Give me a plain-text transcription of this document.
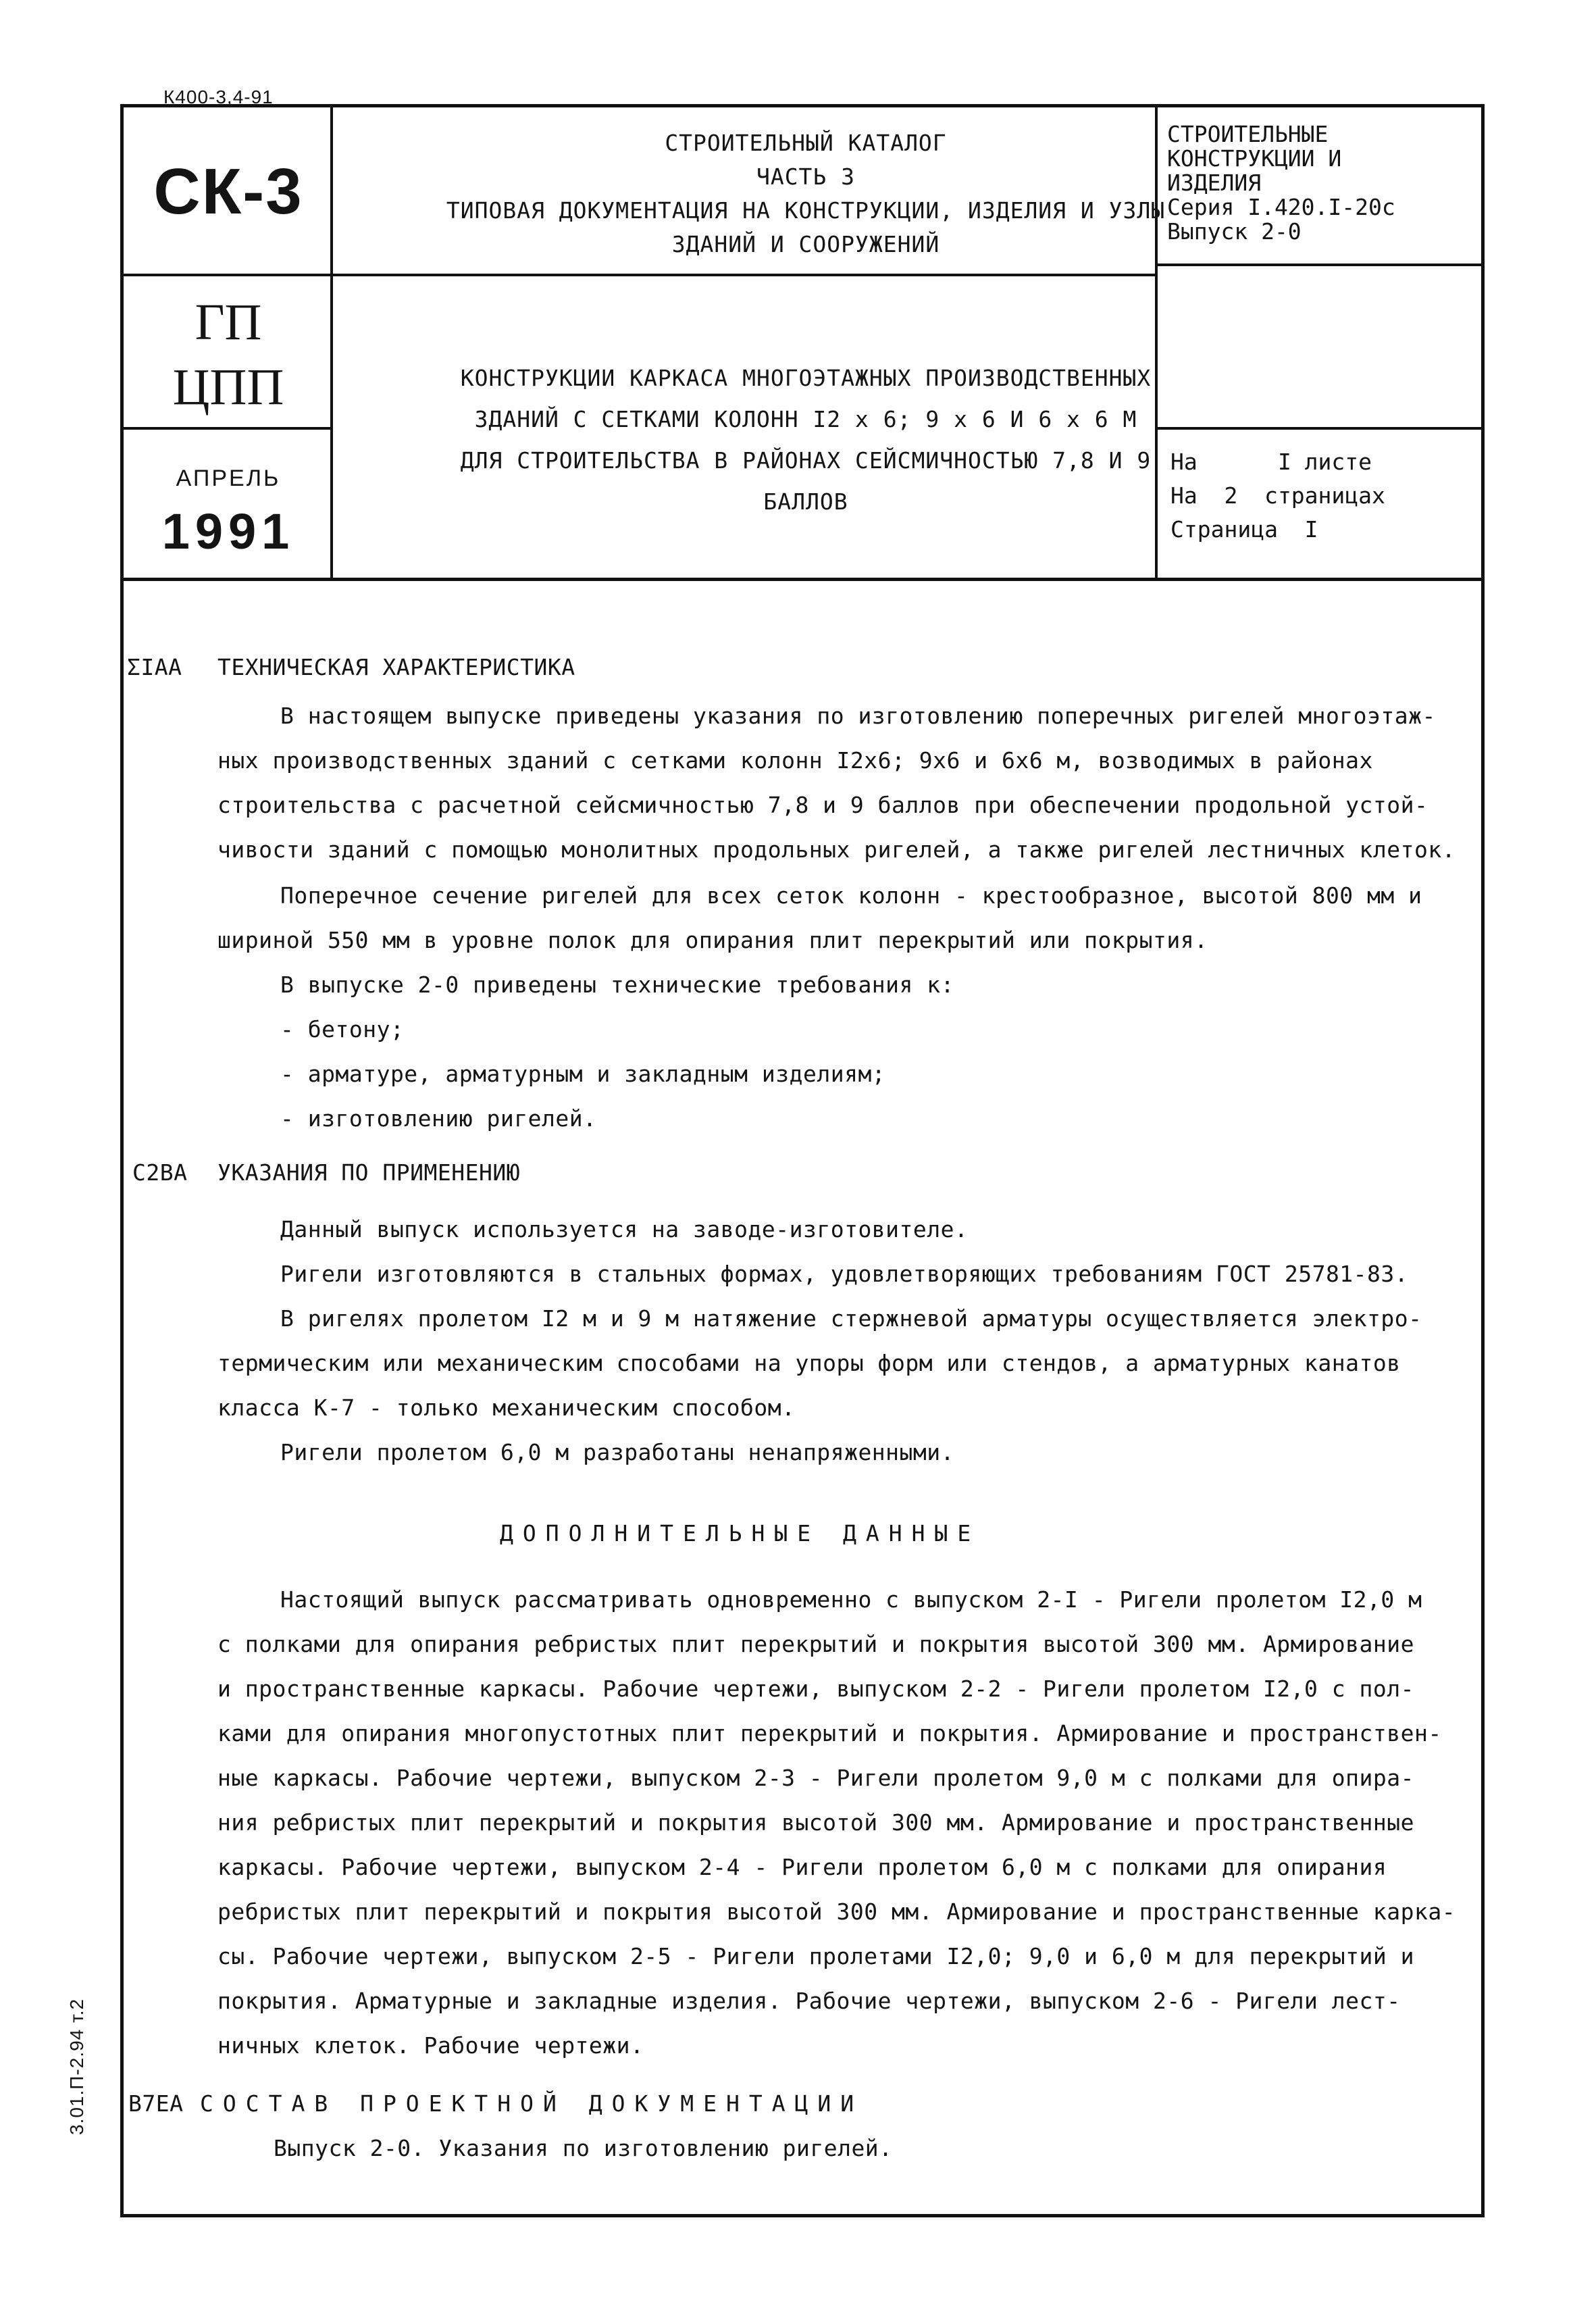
К400-3,4-91
СК-3
ГП
ЦПП
АПРЕЛЬ
1991
СТРОИТЕЛЬНЫЙ КАТАЛОГ
ЧАСТЬ 3
ТИПОВАЯ ДОКУМЕНТАЦИЯ НА КОНСТРУКЦИИ, ИЗДЕЛИЯ И УЗЛЫ
ЗДАНИЙ И СООРУЖЕНИЙ
СТРОИТЕЛЬНЫЕ
КОНСТРУКЦИИ И
ИЗДЕЛИЯ
Серия I.420.I-20с
Выпуск 2-0
КОНСТРУКЦИИ КАРКАСА МНОГОЭТАЖНЫХ ПРОИЗВОДСТВЕННЫХ
ЗДАНИЙ С СЕТКАМИ КОЛОНН I2 x 6; 9 x 6 И 6 x 6 М
ДЛЯ СТРОИТЕЛЬСТВА В РАЙОНАХ СЕЙСМИЧНОСТЬЮ 7,8 И 9
БАЛЛОВ
На      I листе
На  2  страницах
Страница  I
ΣIАА ТЕХНИЧЕСКАЯ ХАРАКТЕРИСТИКА
В настоящем выпуске приведены указания по изготовлению поперечных ригелей многоэтаж-
ных производственных зданий с сетками колонн I2х6; 9х6 и 6х6 м, возводимых в районах
строительства с расчетной сейсмичностью 7,8 и 9 баллов при обеспечении продольной устой-
чивости зданий с помощью монолитных продольных ригелей, а также ригелей лестничных клеток.
Поперечное сечение ригелей для всех сеток колонн - крестообразное, высотой 800 мм и
шириной 550 мм в уровне полок для опирания плит перекрытий или покрытия.
В выпуске 2-0 приведены технические требования к:
- бетону;
- арматуре, арматурным и закладным изделиям;
- изготовлению ригелей.
С2ВА УКАЗАНИЯ ПО ПРИМЕНЕНИЮ
Данный выпуск используется на заводе-изготовителе.
Ригели изготовляются в стальных формах, удовлетворяющих требованиям ГОСТ 25781-83.
В ригелях пролетом I2 м и 9 м натяжение стержневой арматуры осуществляется электро-
термическим или механическим способами на упоры форм или стендов, а арматурных канатов
класса К-7 - только механическим способом.
Ригели пролетом 6,0 м разработаны ненапряженными.
ДОПОЛНИТЕЛЬНЫЕ ДАННЫЕ
Настоящий выпуск рассматривать одновременно с выпуском 2-I - Ригели пролетом I2,0 м
с полками для опирания ребристых плит перекрытий и покрытия высотой 300 мм. Армирование
и пространственные каркасы. Рабочие чертежи, выпуском 2-2 - Ригели пролетом I2,0 с пол-
ками для опирания многопустотных плит перекрытий и покрытия. Армирование и пространствен-
ные каркасы. Рабочие чертежи, выпуском 2-3 - Ригели пролетом 9,0 м с полками для опира-
ния ребристых плит перекрытий и покрытия высотой 300 мм. Армирование и пространственные
каркасы. Рабочие чертежи, выпуском 2-4 - Ригели пролетом 6,0 м с полками для опирания
ребристых плит перекрытий и покрытия высотой 300 мм. Армирование и пространственные карка-
сы. Рабочие чертежи, выпуском 2-5 - Ригели пролетами I2,0; 9,0 и 6,0 м для перекрытий и
покрытия. Арматурные и закладные изделия. Рабочие чертежи, выпуском 2-6 - Ригели лест-
ничных клеток. Рабочие чертежи.
В7ЕА СОСТАВ ПРОЕКТНОЙ ДОКУМЕНТАЦИИ
Выпуск 2-0. Указания по изготовлению ригелей.
3.01.П-2.94 т.2
